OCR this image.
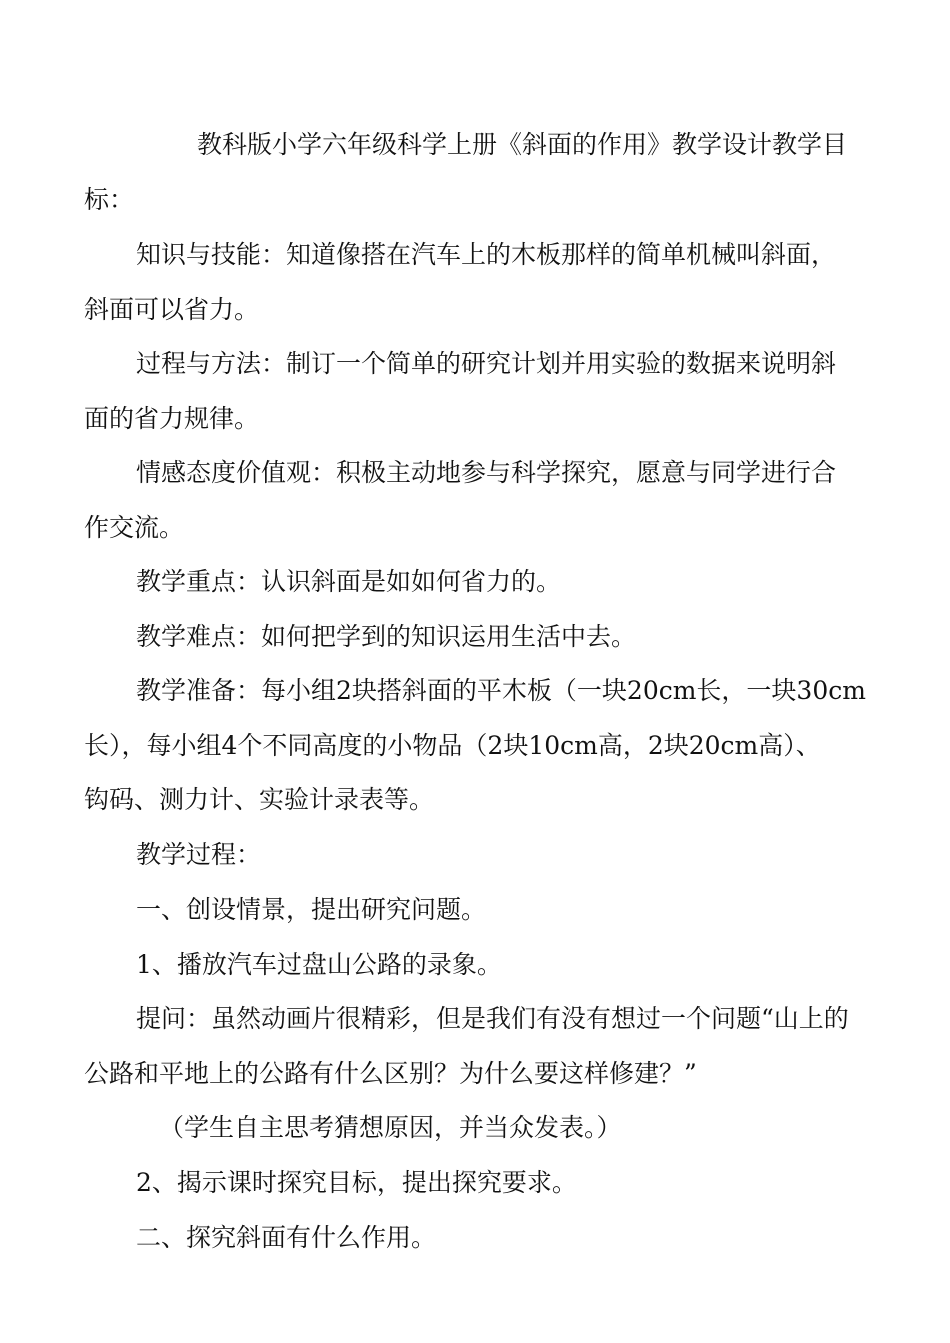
教科版小学六年级科学上册《斜面的作用》教学设计教学目
标：

知识与技能：知道像搭在汽车上的木板那样的简单机械叫斜面，
斜面可以省力。

过程与方法：制订一个简单的研究计划并用实验的数据来说明斜
面的省力规律。

情感态度价值观：积极主动地参与科学探究，愿意与同学进行合
作交流。

教学重点：认识斜面是如如何省力的。

教学难点：如何把学到的知识运用生活中去。

教学准备：每小组2块搭斜面的平木板（一块20cm长，一块30cm
长），每小组4个不同高度的小物品（2块10cm高，2块20cm高）、
钩码、测力计、实验计录表等。

教学过程：

一、创设情景，提出研究问题。

1、播放汽车过盘山公路的录象。

提问：虽然动画片很精彩，但是我们有没有想过一个问题“山上的
公路和平地上的公路有什么区别？为什么要这样修建？”

（学生自主思考猜想原因，并当众发表。）

2、揭示课时探究目标，提出探究要求。

二、探究斜面有什么作用。
